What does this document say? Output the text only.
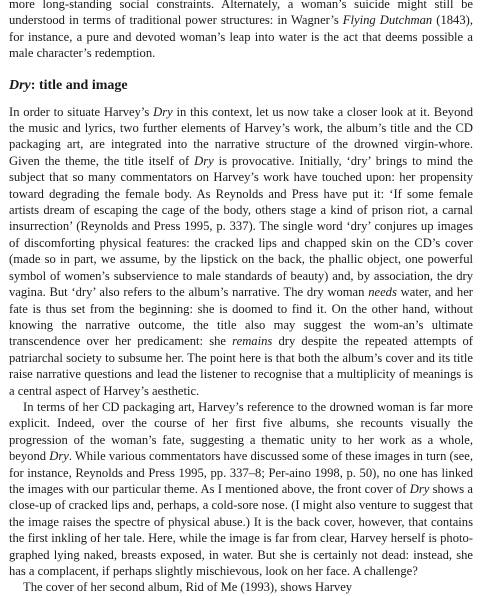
more long-standing social constraints. Alternately, a woman’s suicide might still be understood in terms of traditional power structures: in Wagner’s Flying Dutchman (1843), for instance, a pure and devoted woman’s leap into water is the act that deems possible a male character’s redemption.

Dry: title and image

In order to situate Harvey’s Dry in this context, let us now take a closer look at it. Beyond the music and lyrics, two further elements of Harvey’s work, the album’s title and the CD packaging art, are integrated into the narrative structure of the drowned virgin-whore. Given the theme, the title itself of Dry is provocative. Initially, ‘dry’ brings to mind the subject that so many commentators on Harvey’s work have touched upon: her propensity toward degrading the female body. As Reynolds and Press have put it: ‘If some female artists dream of escaping the cage of the body, others stage a kind of prison riot, a carnal insurrection’ (Reynolds and Press 1995, p. 337). The single word ‘dry’ conjures up images of discomforting physical features: the cracked lips and chapped skin on the CD’s cover (made so in part, we assume, by the lipstick on the back, the phallic object, one powerful symbol of women’s subservience to male standards of beauty) and, by association, the dry vagina. But ‘dry’ also refers to the album’s narrative. The dry woman needs water, and her fate is thus set from the beginning: she is doomed to find it. On the other hand, without knowing the narrative outcome, the title also may suggest the wom-an’s ultimate transcendence over her predicament: she remains dry despite the repeated attempts of patriarchal society to subsume her. The point here is that both the album’s cover and its title raise narrative questions and lead the listener to recognise that a multiplicity of meanings is a central aspect of Harvey’s aesthetic.

In terms of her CD packaging art, Harvey’s reference to the drowned woman is far more explicit. Indeed, over the course of her first five albums, she recounts visually the progression of the woman’s fate, suggesting a thematic unity to her work as a whole, beyond Dry. While various commentators have discussed some of these images in turn (see, for instance, Reynolds and Press 1995, pp. 337–8; Per-aino 1998, p. 50), no one has linked the images with our particular theme. As I mentioned above, the front cover of Dry shows a close-up of cracked lips and, perhaps, a cold-sore nose. (I might also venture to suggest that the image raises the spectre of physical abuse.) It is the back cover, however, that contains the first inkling of her tale. Here, while the image is far from clear, Harvey herself is photo-graphed lying naked, breasts exposed, in water. But she is certainly not dead: instead, she has a complacent, if perhaps slightly mischievous, look on her face. A challenge?

The cover of her second album, Rid of Me (1993), shows Harvey
